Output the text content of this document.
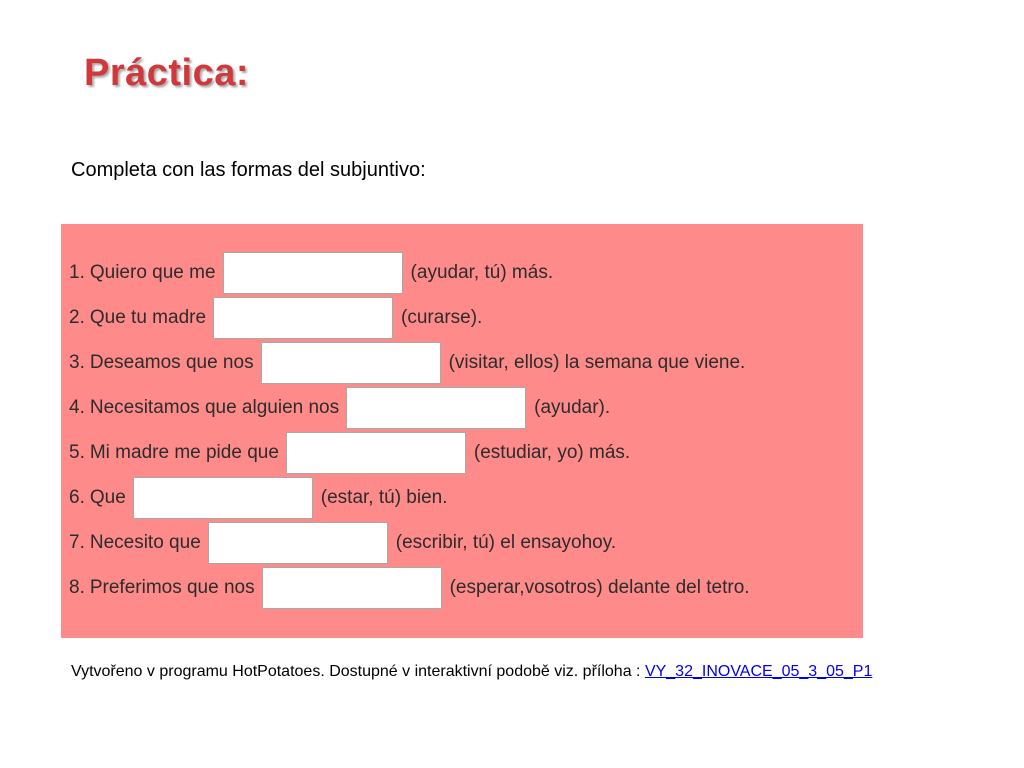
Práctica:

Completa con las formas del subjuntivo:

1. Quiero que me	(ayudar, tú) más.
2. Que tu madre	(curarse).
3. Deseamos que nos	(visitar, ellos) la semana que viene.
4. Necesitamos que alguien nos	(ayudar).
5. Mi madre me pide que	(estudiar, yo) más.
6. Que	(estar, tú) bien.
7. Necesito que	(escribir, tú) el ensayohoy.
8. Preferimos que nos	(esperar,vosotros) delante del tetro.

Vytvořeno v programu HotPotatoes. Dostupné v interaktivní podobě viz. příloha : VY_32_INOVACE_05_3_05_P1
